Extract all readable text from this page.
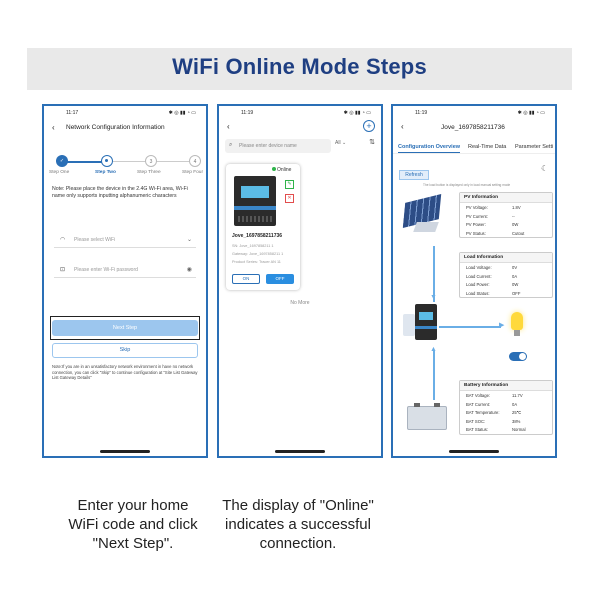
WiFi Online Mode Steps
11:17	✱ ◎ ▮▮ ◔ ▭
‹ Network Configuration Information
✓	3	4
Step One	Step Two	Step Three	Step Four
Note: Please place the device in the 2.4G Wi-Fi area, Wi-Fi name only supports inputting alphanumeric characters
◠ Please select WiFi	⌄
⊡ Please enter Wi-Fi password	◉
Next Step
Skip
Note:If you are in an unsatisfactory network environment in have no network connection, you can click "Skip" to continue configuration at "Site List Gateway List Gateway Details"
11:19	✱ ◎ ▮▮ ◔ ▭
‹	+
⌕ Please enter device name	All ⌄	⇅
Online
✎
✕
Jove_1697858211736
SN: Jove_1697858211 1
Gateway: Jove_1697858211 1
Product Series: Tracer AN 11
ON	OFF
No More
11:19	✱ ◎ ▮▮ ◔ ▭
‹	Jove_1697858211736
Configuration Overview Real-Time Data Parameter Setti
Refresh
☾
The load button is displayed only in load manual setting mode
▼
▶
▲
PV Information
PV Voltage:	1.8V
PV Current:	--
PV Power:	0W
PV Status:	Cutout
Load Information
Load Voltage:	0V
Load Current:	0A
Load Power:	0W
Load Status:	OFF
Battery Information
BAT Voltage:	11.7V
BAT Current:	0A
BAT Temperature:	25℃
BAT SOC:	38%
BAT Status:	Normal
Enter your home WiFi code and click "Next Step".
The display of "Online" indicates a successful connection.
